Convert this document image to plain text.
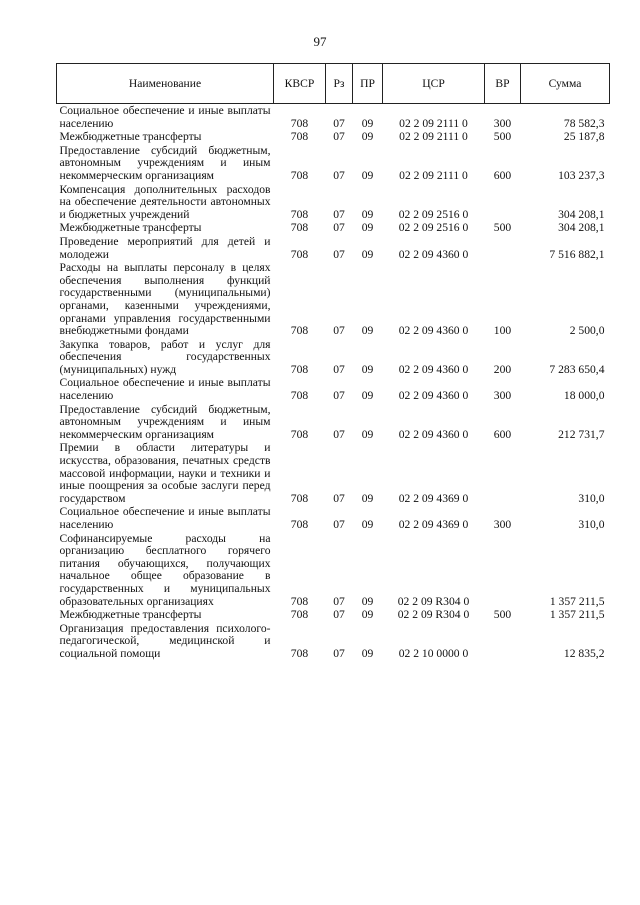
97
Наименование	КВСР	Рз	ПР	ЦСР	ВР	Сумма
Социальное обеспечение и иные выплаты населению	708	07	09	02 2 09 2111 0	300	78 582,3
Межбюджетные трансферты	708	07	09	02 2 09 2111 0	500	25 187,8
Предоставление субсидий бюджетным, автономным учреждениям и иным некоммерческим организациям	708	07	09	02 2 09 2111 0	600	103 237,3
Компенсация дополнительных расходов на обеспечение деятельности автономных и бюджетных учреждений	708	07	09	02 2 09 2516 0		304 208,1
Межбюджетные трансферты	708	07	09	02 2 09 2516 0	500	304 208,1
Проведение мероприятий для детей и молодежи	708	07	09	02 2 09 4360 0		7 516 882,1
Расходы на выплаты персоналу в целях обеспечения выполнения функций государственными (муниципальными) органами, казенными учреждениями, органами управления государственными внебюджетными фондами	708	07	09	02 2 09 4360 0	100	2 500,0
Закупка товаров, работ и услуг для обеспечения государственных (муниципальных) нужд	708	07	09	02 2 09 4360 0	200	7 283 650,4
Социальное обеспечение и иные выплаты населению	708	07	09	02 2 09 4360 0	300	18 000,0
Предоставление субсидий бюджетным, автономным учреждениям и иным некоммерческим организациям	708	07	09	02 2 09 4360 0	600	212 731,7
Премии в области литературы и искусства, образования, печатных средств массовой информации, науки и техники и иные поощрения за особые заслуги перед государством	708	07	09	02 2 09 4369 0		310,0
Социальное обеспечение и иные выплаты населению	708	07	09	02 2 09 4369 0	300	310,0
Софинансируемые расходы на организацию бесплатного горячего питания обучающихся, получающих начальное общее образование в государственных и муниципальных образовательных организациях	708	07	09	02 2 09 R304 0		1 357 211,5
Межбюджетные трансферты	708	07	09	02 2 09 R304 0	500	1 357 211,5
Организация предоставления психолого-педагогической, медицинской и социальной помощи	708	07	09	02 2 10 0000 0		12 835,2
